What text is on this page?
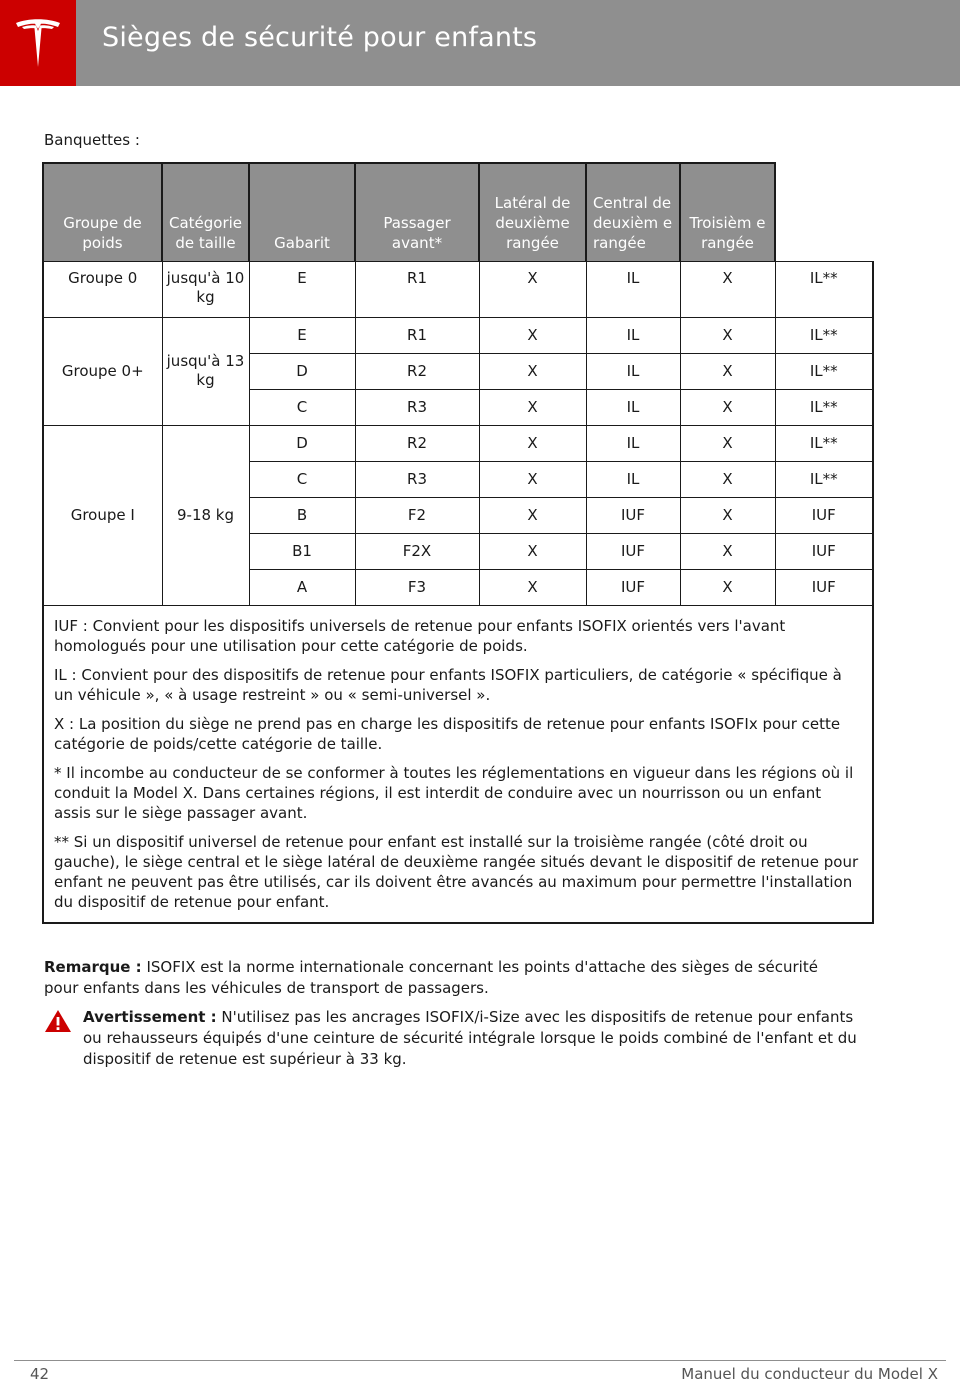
Sièges de sécurité pour enfants
Banquettes :
Groupe de poids	Catégorie de taille	Gabarit	Passager avant*	Latéral de deuxième rangée	Central de deuxièm e rangée	Troisièm e rangée	
Groupe 0	jusqu'à 10 kg	E	R1	X	IL	X	IL**
Groupe 0+	jusqu'à 13 kg	E	R1	X	IL	X	IL**
		D	R2	X	IL	X	IL**
		C	R3	X	IL	X	IL**
Groupe I	9-18 kg	D	R2	X	IL	X	IL**
		C	R3	X	IL	X	IL**
		B	F2	X	IUF	X	IUF
		B1	F2X	X	IUF	X	IUF
		A	F3	X	IUF	X	IUF

IUF : Convient pour les dispositifs universels de retenue pour enfants ISOFIX orientés vers l'avant homologués pour une utilisation pour cette catégorie de poids.

IL : Convient pour des dispositifs de retenue pour enfants ISOFIX particuliers, de catégorie « spécifique à un véhicule », « à usage restreint » ou « semi-universel ».

X : La position du siège ne prend pas en charge les dispositifs de retenue pour enfants ISOFIx pour cette catégorie de poids/cette catégorie de taille.

* Il incombe au conducteur de se conformer à toutes les réglementations en vigueur dans les régions où il conduit la Model X. Dans certaines régions, il est interdit de conduire avec un nourrisson ou un enfant assis sur le siège passager avant.

** Si un dispositif universel de retenue pour enfant est installé sur la troisième rangée (côté droit ou gauche), le siège central et le siège latéral de deuxième rangée situés devant le dispositif de retenue pour enfant ne peuvent pas être utilisés, car ils doivent être avancés au maximum pour permettre l'installation du dispositif de retenue pour enfant.							

Remarque : ISOFIX est la norme internationale concernant les points d'attache des sièges de sécurité pour enfants dans les véhicules de transport de passagers.
Avertissement : N'utilisez pas les ancrages ISOFIX/i-Size avec les dispositifs de retenue pour enfants ou rehausseurs équipés d'une ceinture de sécurité intégrale lorsque le poids combiné de l'enfant et du dispositif de retenue est supérieur à 33 kg.
42	Manuel du conducteur du Model X
